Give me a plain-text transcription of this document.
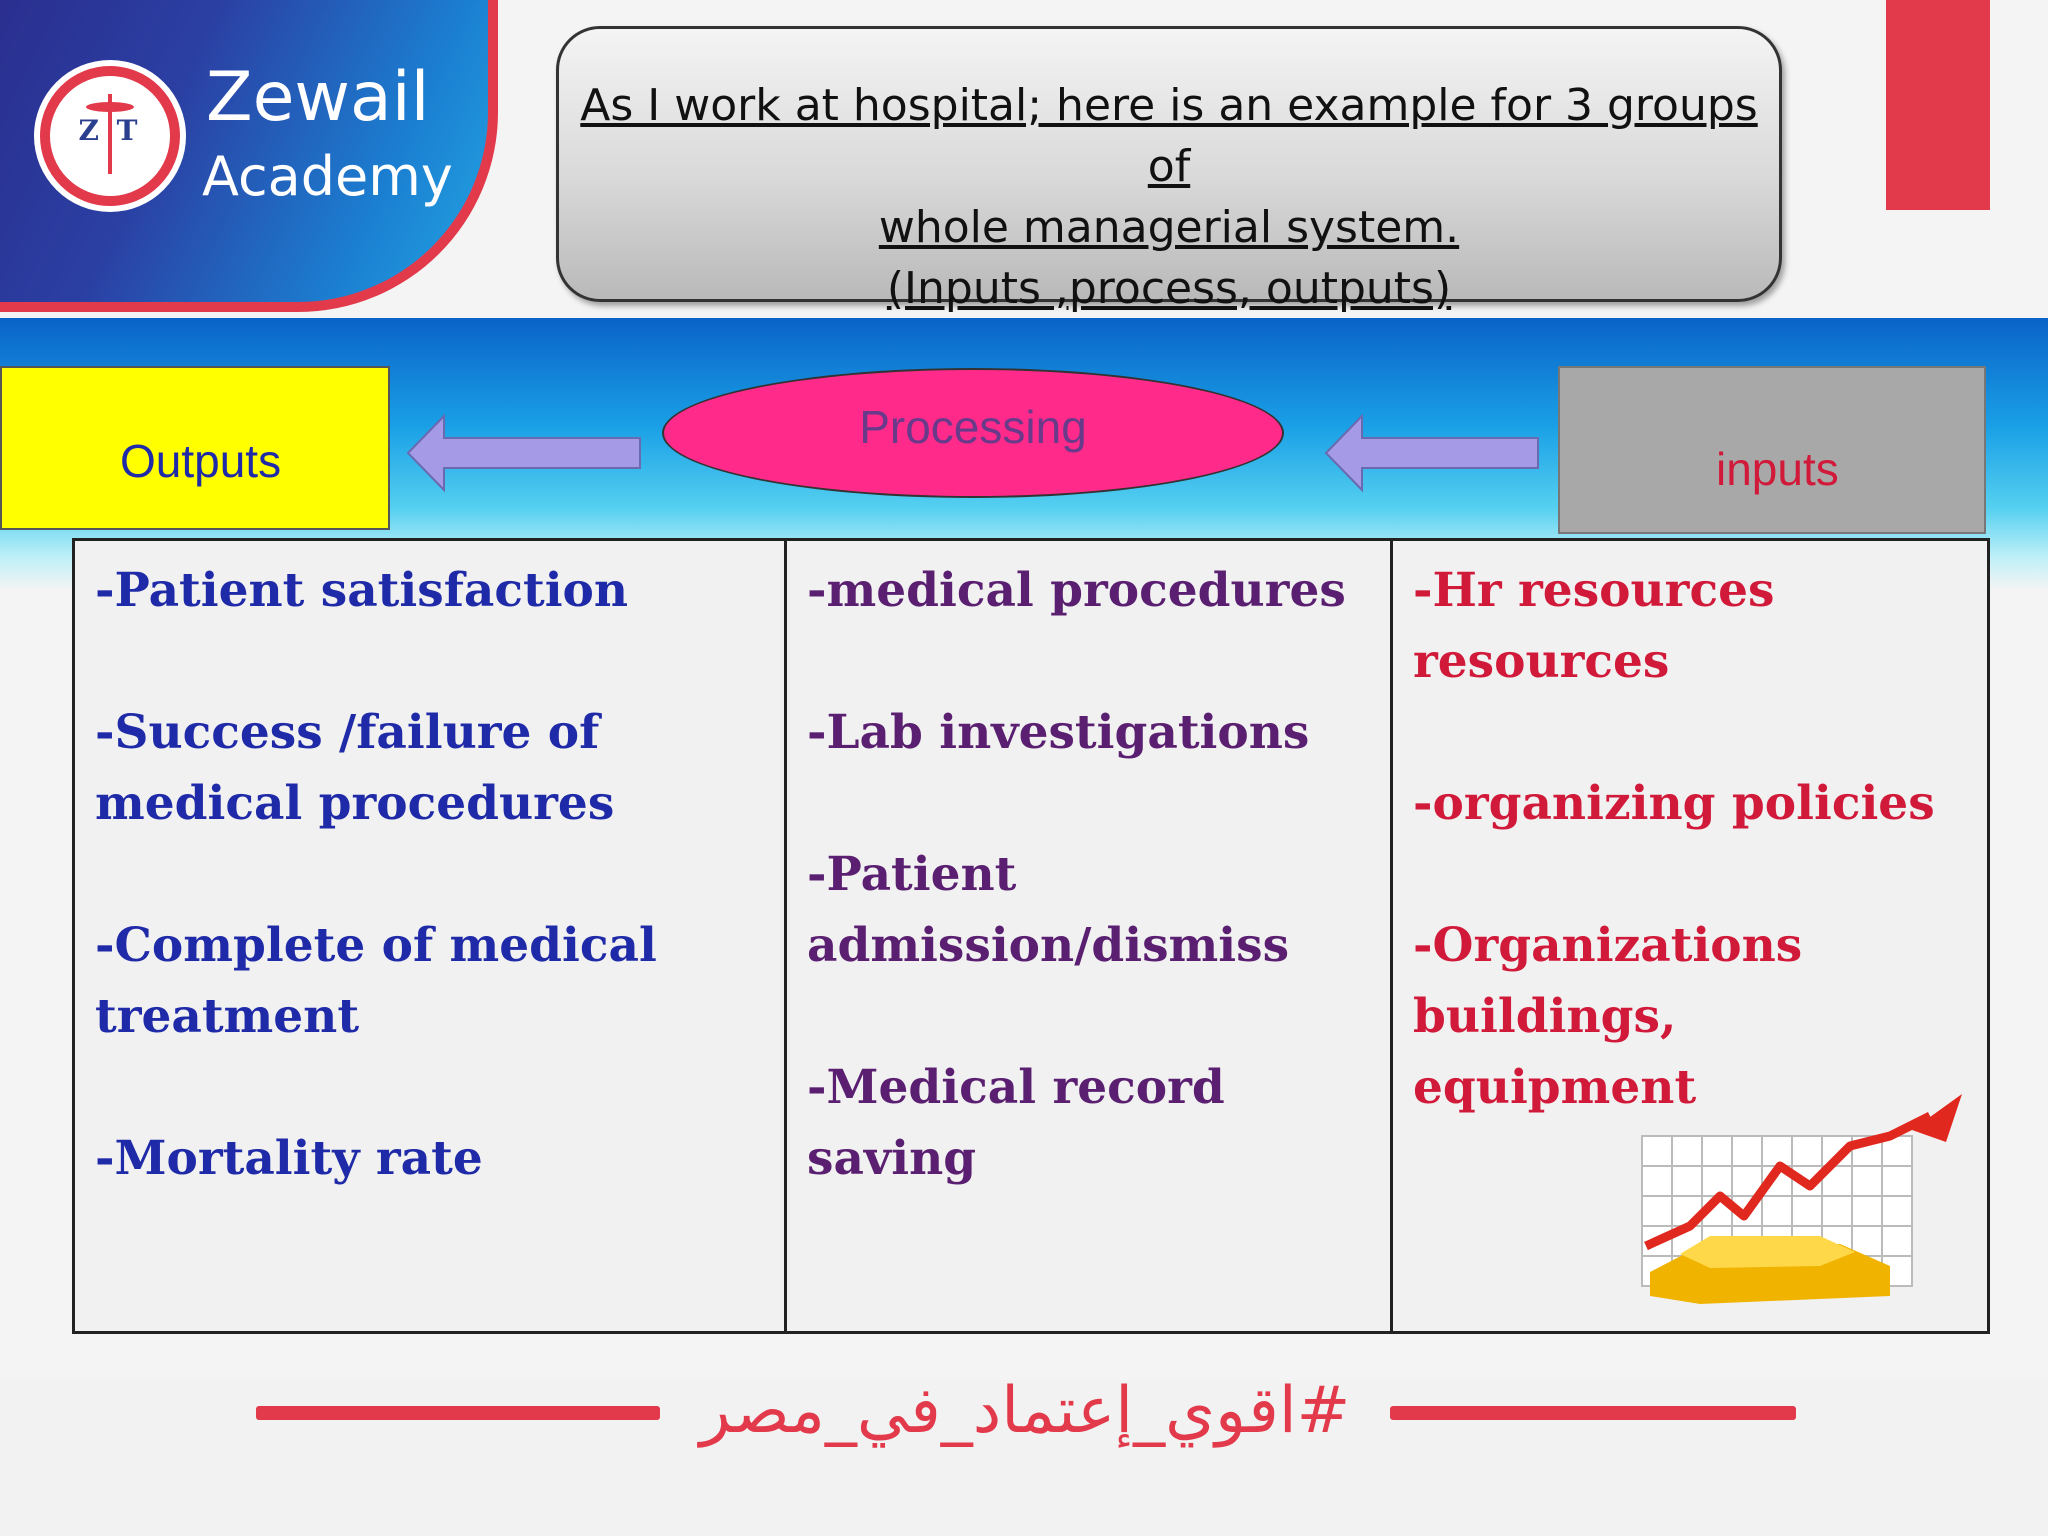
Z T Zewail
Academy
As I work at hospital; here is an example for 3 groups of
whole managerial system.
(Inputs ,process, outputs)
Outputs
Processing
inputs
-Patient satisfaction
-Success /failure of medical procedures
-Complete of medical treatment
-Mortality rate
-medical procedures
-Lab investigations
-Patient admission/dismiss
-Medical record saving
-Hr resources resources
-organizing policies
-Organizations buildings, equipment
#اقوي_إعتماد_في_مصر
